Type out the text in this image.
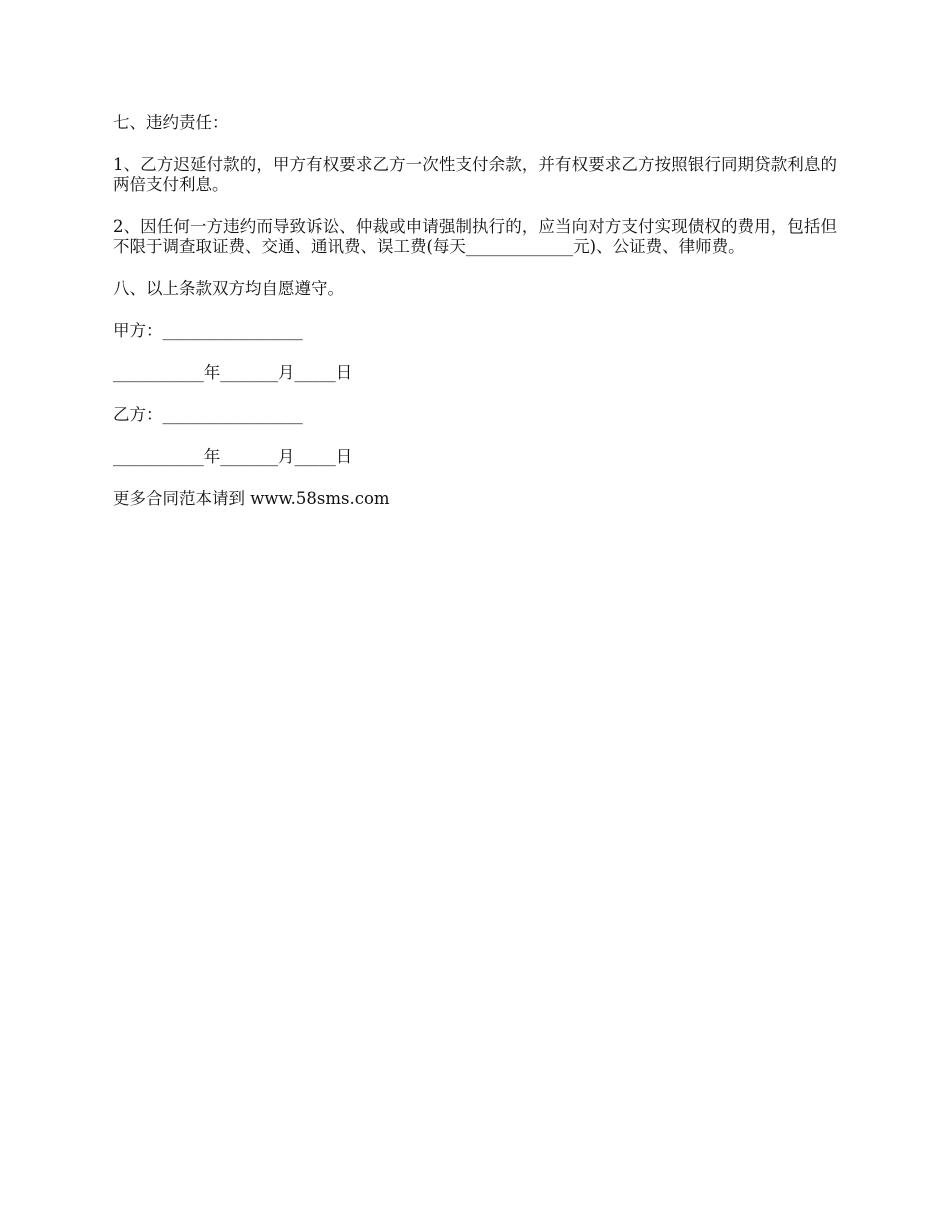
七、违约责任：

1、乙方迟延付款的，甲方有权要求乙方一次性支付余款，并有权要求乙方按照银行同期贷款利息的两倍支付利息。

2、因任何一方违约而导致诉讼、仲裁或申请强制执行的，应当向对方支付实现债权的费用，包括但不限于调查取证费、交通、通讯费、误工费(每天_____________元)、公证费、律师费。

八、以上条款双方均自愿遵守。

甲方：_________________

___________年_______月_____日

乙方：_________________

___________年_______月_____日

更多合同范本请到 www.58sms.com
